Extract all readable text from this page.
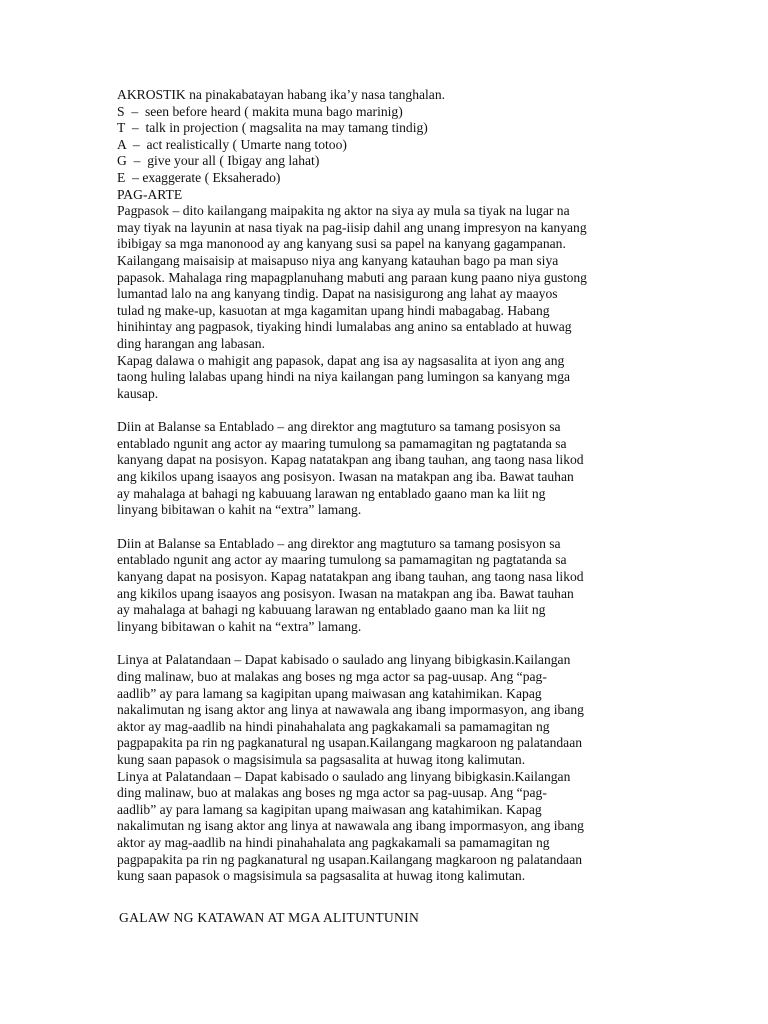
AKROSTIK na pinakabatayan habang ika’y nasa tanghalan.
S  –  seen before heard ( makita muna bago marinig)
T  –  talk in projection ( magsalita na may tamang tindig)
A  –  act realistically ( Umarte nang totoo)
G  –  give your all ( Ibigay ang lahat)
E  – exaggerate ( Eksaherado)
PAG-ARTE
Pagpasok – dito kailangang maipakita ng aktor na siya ay mula sa tiyak na lugar na
may tiyak na layunin at nasa tiyak na pag-iisip dahil ang unang impresyon na kanyang
ibibigay sa mga manonood ay ang kanyang susi sa papel na kanyang gagampanan.
Kailangang maisaisip at maisapuso niya ang kanyang katauhan bago pa man siya
papasok. Mahalaga ring mapagplanuhang mabuti ang paraan kung paano niya gustong
lumantad lalo na ang kanyang tindig. Dapat na nasisigurong ang lahat ay maayos
tulad ng make-up, kasuotan at mga kagamitan upang hindi mabagabag. Habang
hinihintay ang pagpasok, tiyaking hindi lumalabas ang anino sa entablado at huwag
ding harangan ang labasan.
Kapag dalawa o mahigit ang papasok, dapat ang isa ay nagsasalita at iyon ang ang
taong huling lalabas upang hindi na niya kailangan pang lumingon sa kanyang mga
kausap.
Diin at Balanse sa Entablado – ang direktor ang magtuturo sa tamang posisyon sa
entablado ngunit ang actor ay maaring tumulong sa pamamagitan ng pagtatanda sa
kanyang dapat na posisyon. Kapag natatakpan ang ibang tauhan, ang taong nasa likod
ang kikilos upang isaayos ang posisyon. Iwasan na matakpan ang iba. Bawat tauhan
ay mahalaga at bahagi ng kabuuang larawan ng entablado gaano man ka liit ng
linyang bibitawan o kahit na “extra” lamang.
Diin at Balanse sa Entablado – ang direktor ang magtuturo sa tamang posisyon sa
entablado ngunit ang actor ay maaring tumulong sa pamamagitan ng pagtatanda sa
kanyang dapat na posisyon. Kapag natatakpan ang ibang tauhan, ang taong nasa likod
ang kikilos upang isaayos ang posisyon. Iwasan na matakpan ang iba. Bawat tauhan
ay mahalaga at bahagi ng kabuuang larawan ng entablado gaano man ka liit ng
linyang bibitawan o kahit na “extra” lamang.
Linya at Palatandaan – Dapat kabisado o saulado ang linyang bibigkasin.Kailangan
ding malinaw, buo at malakas ang boses ng mga actor sa pag-uusap. Ang “pag-
aadlib” ay para lamang sa kagipitan upang maiwasan ang katahimikan. Kapag
nakalimutan ng isang aktor ang linya at nawawala ang ibang impormasyon, ang ibang
aktor ay mag-aadlib na hindi pinahahalata ang pagkakamali sa pamamagitan ng
pagpapakita pa rin ng pagkanatural ng usapan.Kailangang magkaroon ng palatandaan
kung saan papasok o magsisimula sa pagsasalita at huwag itong kalimutan.
Linya at Palatandaan – Dapat kabisado o saulado ang linyang bibigkasin.Kailangan
ding malinaw, buo at malakas ang boses ng mga actor sa pag-uusap. Ang “pag-
aadlib” ay para lamang sa kagipitan upang maiwasan ang katahimikan. Kapag
nakalimutan ng isang aktor ang linya at nawawala ang ibang impormasyon, ang ibang
aktor ay mag-aadlib na hindi pinahahalata ang pagkakamali sa pamamagitan ng
pagpapakita pa rin ng pagkanatural ng usapan.Kailangang magkaroon ng palatandaan
kung saan papasok o magsisimula sa pagsasalita at huwag itong kalimutan.
GALAW NG KATAWAN AT MGA ALITUNTUNIN
